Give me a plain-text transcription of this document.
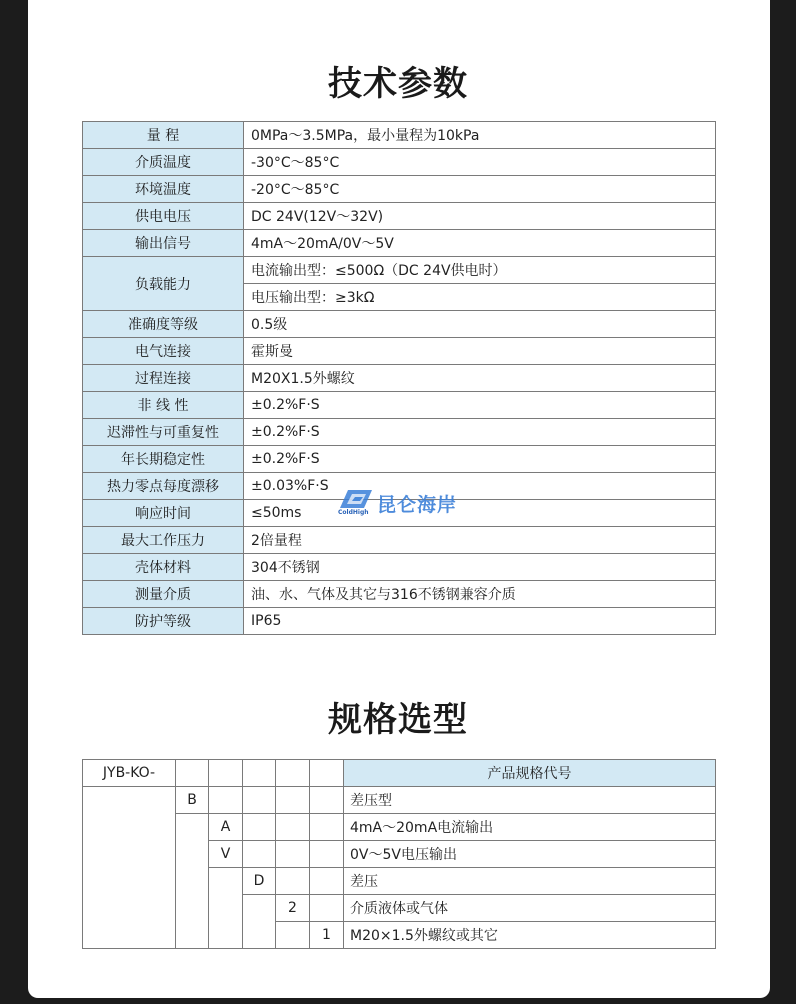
技术参数
量 程	0MPa～3.5MPa，最小量程为10kPa
介质温度	-30°C～85°C
环境温度	-20°C～85°C
供电电压	DC 24V(12V～32V)
输出信号	4mA～20mA/0V～5V
负载能力	电流输出型：≤500Ω（DC 24V供电时）
	电压输出型：≥3kΩ
准确度等级	0.5级
电气连接	霍斯曼
过程连接	M20X1.5外螺纹
非 线 性	±0.2%F·S
迟滞性与可重复性	±0.2%F·S
年长期稳定性	±0.2%F·S
热力零点每度漂移	±0.03%F·S
响应时间	≤50ms
最大工作压力	2倍量程
壳体材料	304不锈钢
测量介质	油、水、气体及其它与316不锈钢兼容介质
防护等级	IP65
昆仑海岸
ColdHigh
规格选型
JYB-KO-						产品规格代号
	B					差压型
		A				4mA～20mA电流输出
		V				0V～5V电压输出
			D			差压
				2		介质液体或气体
					1	M20×1.5外螺纹或其它
